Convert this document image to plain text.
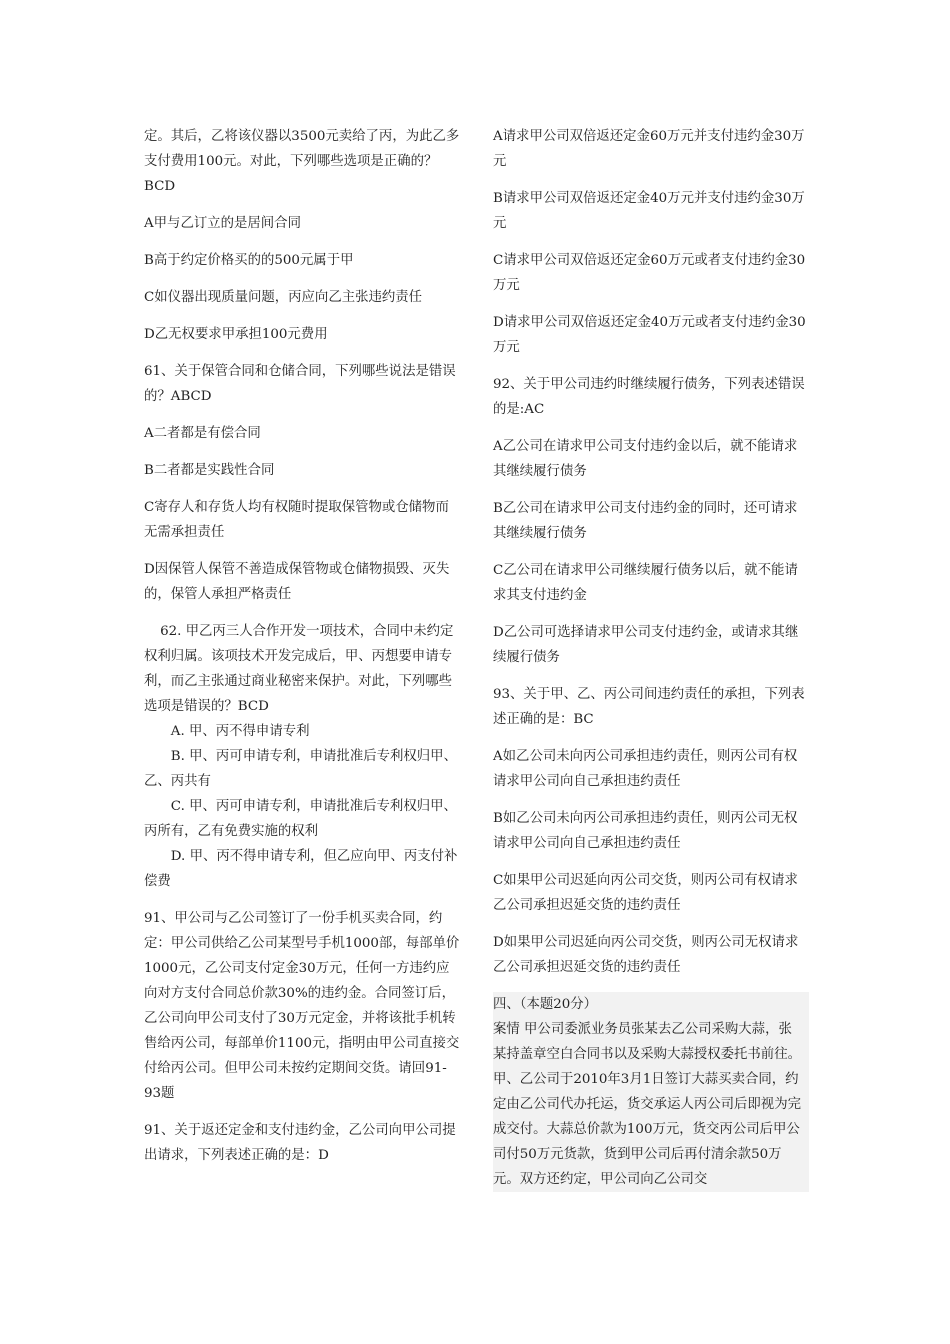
定。其后，乙将该仪器以3500元卖给了丙，为此乙多支付费用100元。对此，下列哪些选项是正确的？BCD

A甲与乙订立的是居间合同

B高于约定价格买的的500元属于甲

C如仪器出现质量问题，丙应向乙主张违约责任

D乙无权要求甲承担100元费用

61、关于保管合同和仓储合同，下列哪些说法是错误的？ABCD

A二者都是有偿合同

B二者都是实践性合同

C寄存人和存货人均有权随时提取保管物或仓储物而无需承担责任

D因保管人保管不善造成保管物或仓储物损毁、灭失的，保管人承担严格责任

62. 甲乙丙三人合作开发一项技术，合同中未约定权利归属。该项技术开发完成后，甲、丙想要申请专利，而乙主张通过商业秘密来保护。对此，下列哪些选项是错误的？BCD

A. 甲、丙不得申请专利

B. 甲、丙可申请专利，申请批准后专利权归甲、乙、丙共有

C. 甲、丙可申请专利，申请批准后专利权归甲、丙所有，乙有免费实施的权利

D. 甲、丙不得申请专利，但乙应向甲、丙支付补偿费

91、甲公司与乙公司签订了一份手机买卖合同，约定：甲公司供给乙公司某型号手机1000部，每部单价1000元，乙公司支付定金30万元，任何一方违约应向对方支付合同总价款30%的违约金。合同签订后，乙公司向甲公司支付了30万元定金，并将该批手机转售给丙公司，每部单价1100元，指明由甲公司直接交付给丙公司。但甲公司未按约定期间交货。请回91-93题

91、关于返还定金和支付违约金，乙公司向甲公司提出请求，下列表述正确的是：D

A请求甲公司双倍返还定金60万元并支付违约金30万元

B请求甲公司双倍返还定金40万元并支付违约金30万元

C请求甲公司双倍返还定金60万元或者支付违约金30万元

D请求甲公司双倍返还定金40万元或者支付违约金30万元

92、关于甲公司违约时继续履行债务，下列表述错误的是:AC

A乙公司在请求甲公司支付违约金以后，就不能请求其继续履行债务

B乙公司在请求甲公司支付违约金的同时，还可请求其继续履行债务

C乙公司在请求甲公司继续履行债务以后，就不能请求其支付违约金

D乙公司可选择请求甲公司支付违约金，或请求其继续履行债务

93、关于甲、乙、丙公司间违约责任的承担，下列表述正确的是：BC

A如乙公司未向丙公司承担违约责任，则丙公司有权请求甲公司向自己承担违约责任

B如乙公司未向丙公司承担违约责任，则丙公司无权请求甲公司向自己承担违约责任

C如果甲公司迟延向丙公司交货，则丙公司有权请求乙公司承担迟延交货的违约责任

D如果甲公司迟延向丙公司交货，则丙公司无权请求乙公司承担迟延交货的违约责任

四、（本题20分）

案情 甲公司委派业务员张某去乙公司采购大蒜，张某持盖章空白合同书以及采购大蒜授权委托书前往。

甲、乙公司于2010年3月1日签订大蒜买卖合同，约定由乙公司代办托运，货交承运人丙公司后即视为完成交付。大蒜总价款为100万元，货交丙公司后甲公司付50万元货款，货到甲公司后再付清余款50万元。双方还约定，甲公司向乙公司交
